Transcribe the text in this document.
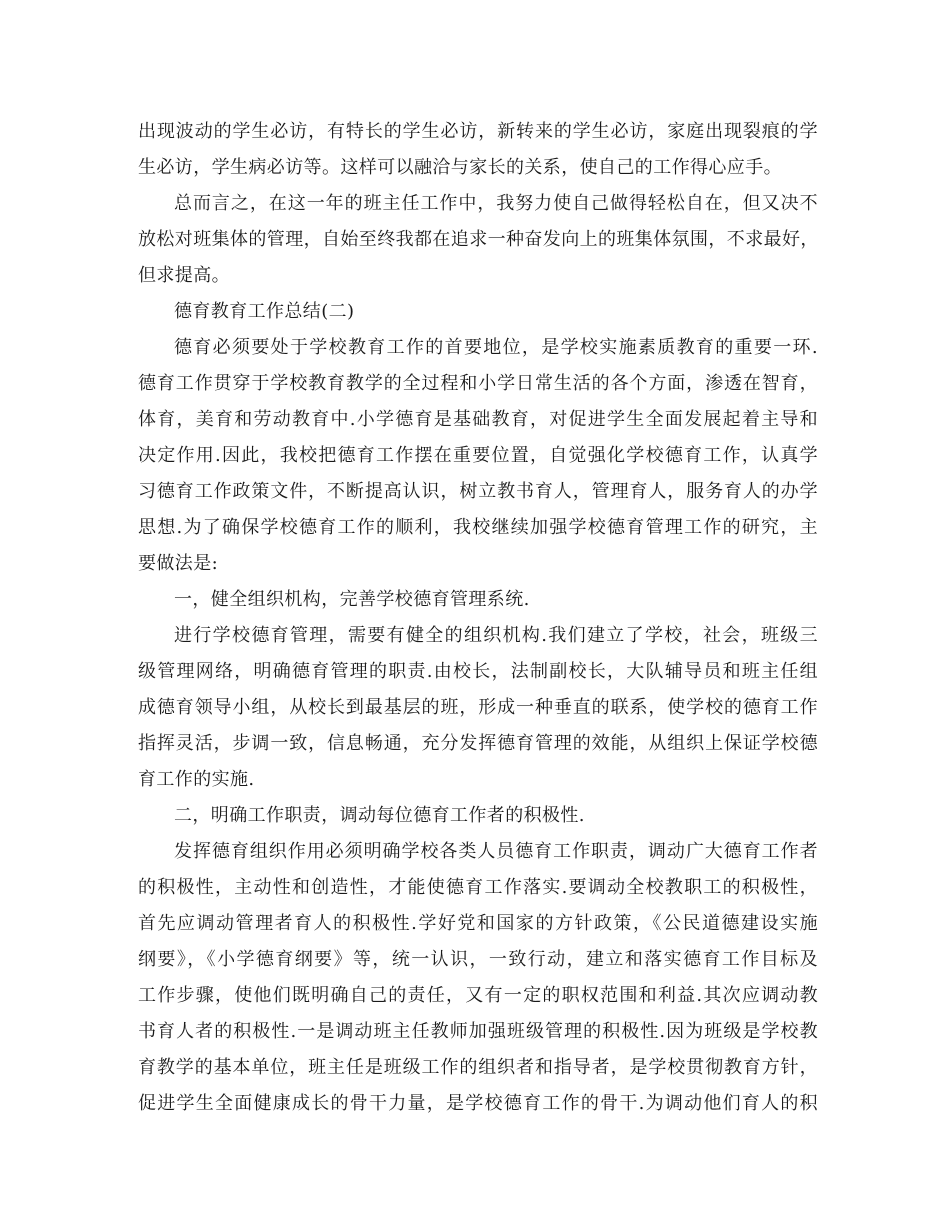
出现波动的学生必访，有特长的学生必访，新转来的学生必访，家庭出现裂痕的学
生必访，学生病必访等。这样可以融洽与家长的关系，使自己的工作得心应手。
总而言之，在这一年的班主任工作中，我努力使自己做得轻松自在，但又决不
放松对班集体的管理，自始至终我都在追求一种奋发向上的班集体氛围，不求最好，
但求提高。
德育教育工作总结(二)
德育必须要处于学校教育工作的首要地位，是学校实施素质教育的重要一环.
德育工作贯穿于学校教育教学的全过程和小学日常生活的各个方面，渗透在智育，
体育，美育和劳动教育中.小学德育是基础教育，对促进学生全面发展起着主导和
决定作用.因此，我校把德育工作摆在重要位置，自觉强化学校德育工作，认真学
习德育工作政策文件，不断提高认识，树立教书育人，管理育人，服务育人的办学
思想.为了确保学校德育工作的顺利，我校继续加强学校德育管理工作的研究，主
要做法是:
一，健全组织机构，完善学校德育管理系统.
进行学校德育管理，需要有健全的组织机构.我们建立了学校，社会，班级三
级管理网络，明确德育管理的职责.由校长，法制副校长，大队辅导员和班主任组
成德育领导小组，从校长到最基层的班，形成一种垂直的联系，使学校的德育工作
指挥灵活，步调一致，信息畅通，充分发挥德育管理的效能，从组织上保证学校德
育工作的实施.
二，明确工作职责，调动每位德育工作者的积极性.
发挥德育组织作用必须明确学校各类人员德育工作职责，调动广大德育工作者
的积极性，主动性和创造性，才能使德育工作落实.要调动全校教职工的积极性，
首先应调动管理者育人的积极性.学好党和国家的方针政策，《公民道德建设实施
纲要》，《小学德育纲要》等，统一认识，一致行动，建立和落实德育工作目标及
工作步骤，使他们既明确自己的责任，又有一定的职权范围和利益.其次应调动教
书育人者的积极性.一是调动班主任教师加强班级管理的积极性.因为班级是学校教
育教学的基本单位，班主任是班级工作的组织者和指导者，是学校贯彻教育方针，
促进学生全面健康成长的骨干力量，是学校德育工作的骨干.为调动他们育人的积
